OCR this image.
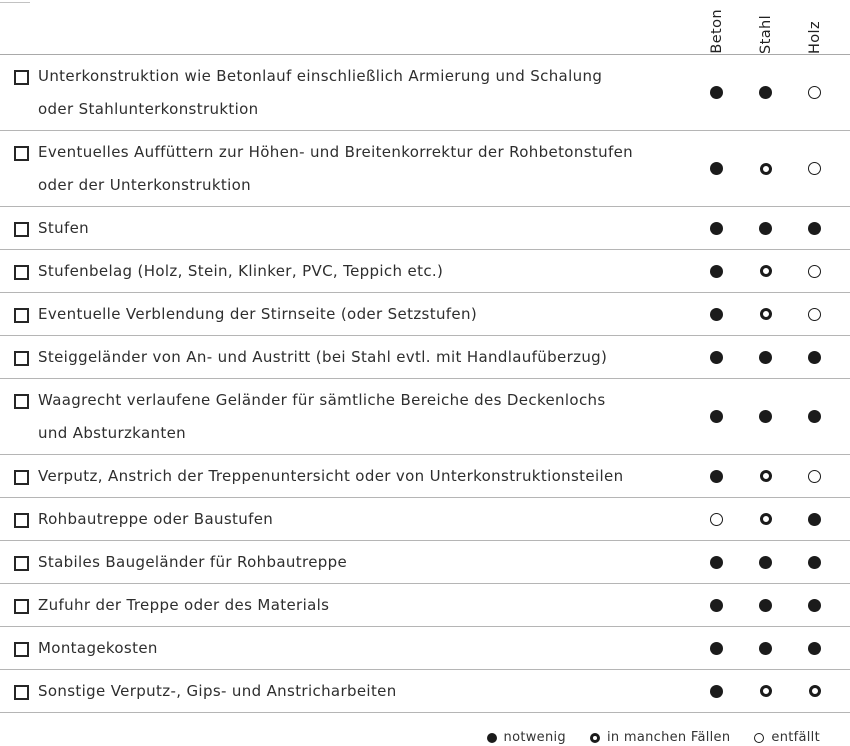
Beton Stahl Holz
Unterkonstruktion wie Betonlauf einschließlich Armierung und Schalung
oder Stahlunterkonstruktion
Eventuelles Auffüttern zur Höhen- und Breitenkorrektur der Rohbetonstufen
oder der Unterkonstruktion
Stufen
Stufenbelag (Holz, Stein, Klinker, PVC, Teppich etc.)
Eventuelle Verblendung der Stirnseite (oder Setzstufen)
Steiggeländer von An- und Austritt (bei Stahl evtl. mit Handlaufüberzug)
Waagrecht verlaufene Geländer für sämtliche Bereiche des Deckenlochs
und Absturzkanten
Verputz, Anstrich der Treppenuntersicht oder von Unterkonstruktionsteilen
Rohbautreppe oder Baustufen
Stabiles Baugeländer für Rohbautreppe
Zufuhr der Treppe oder des Materials
Montagekosten
Sonstige Verputz-, Gips- und Anstricharbeiten
notwenig	in manchen Fällen	entfällt
